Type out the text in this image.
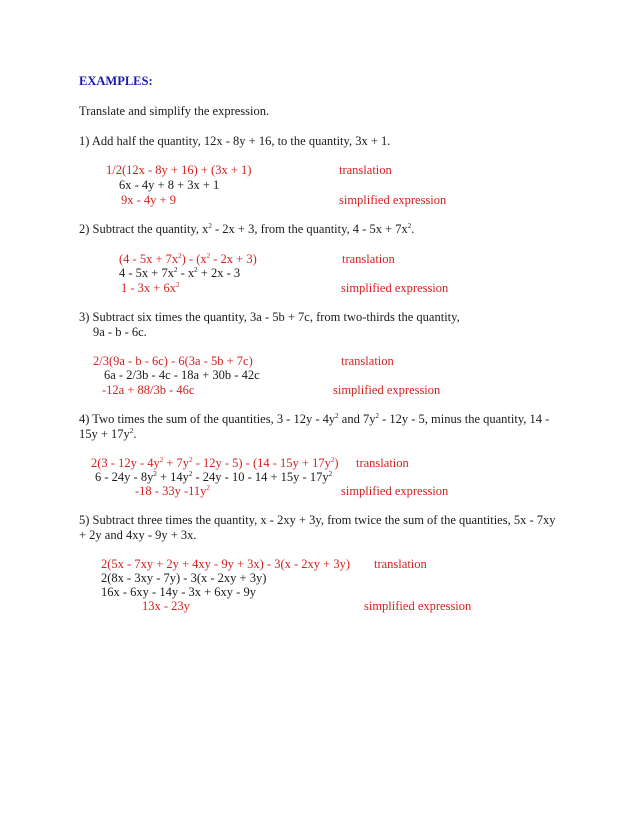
EXAMPLES:
Translate and simplify the expression.
1) Add half the quantity, 12x - 8y + 16, to the quantity, 3x + 1.
1/2(12x - 8y + 16) + (3x + 1)	translation
6x - 4y + 8 + 3x + 1
9x - 4y + 9	simplified expression
2) Subtract the quantity, $x^2 - 2x + 3$, from the quantity, $4 - 5x + 7x^2$.
$(4 - 5x + 7x^2) - (x^2 - 2x + 3)$	translation
$4 - 5x + 7x^2 - x^2 + 2x - 3$
$1 - 3x + 6x^2$	simplified expression
3) Subtract six times the quantity, 3a - 5b + 7c, from two-thirds the quantity,
9a - b - 6c.
2/3(9a - b - 6c) - 6(3a - 5b + 7c)	translation
6a - 2/3b - 4c - 18a + 30b - 42c
-12a + 88/3b - 46c	simplified expression
4) Two times the sum of the quantities, $3 - 12y - 4y^2$ and $7y^2 - 12y - 5$, minus the quantity, 14 -
$15y + 17y^2$.
$2(3 - 12y - 4y^2 + 7y^2 - 12y - 5) - (14 - 15y + 17y^2)$ translation
$6 - 24y - 8y^2 + 14y^2 - 24y - 10 - 14 + 15y - 17y^2$
-18 - 33y $-11y^2$	simplified expression
5) Subtract three times the quantity, x - 2xy + 3y, from twice the sum of the quantities, 5x - 7xy
+ 2y and 4xy - 9y + 3x.
2(5x - 7xy + 2y + 4xy - 9y + 3x) - 3(x - 2xy + 3y) translation
2(8x - 3xy - 7y) - 3(x - 2xy + 3y)
16x - 6xy - 14y - 3x + 6xy - 9y
13x - 23y	simplified expression
